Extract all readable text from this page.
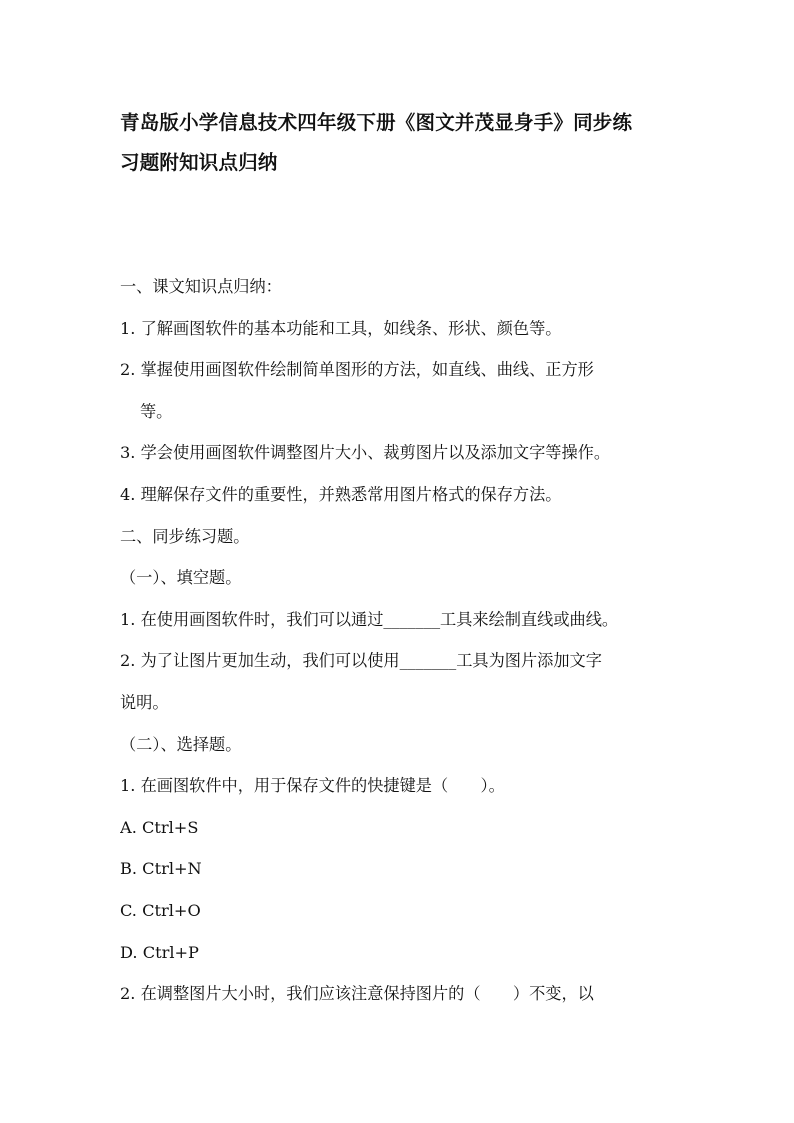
青岛版小学信息技术四年级下册《图文并茂显身手》同步练
习题附知识点归纳
一、课文知识点归纳：
1. 了解画图软件的基本功能和工具，如线条、形状、颜色等。
2. 掌握使用画图软件绘制简单图形的方法，如直线、曲线、正方形
等。
3. 学会使用画图软件调整图片大小、裁剪图片以及添加文字等操作。
4. 理解保存文件的重要性，并熟悉常用图片格式的保存方法。
二、同步练习题。
（一）、填空题。
1. 在使用画图软件时，我们可以通过_______工具来绘制直线或曲线。
2. 为了让图片更加生动，我们可以使用_______工具为图片添加文字
说明。
（二）、选择题。
1. 在画图软件中，用于保存文件的快捷键是（　　）。
A. Ctrl+S
B. Ctrl+N
C. Ctrl+O
D. Ctrl+P
2. 在调整图片大小时，我们应该注意保持图片的（　　）不变，以
